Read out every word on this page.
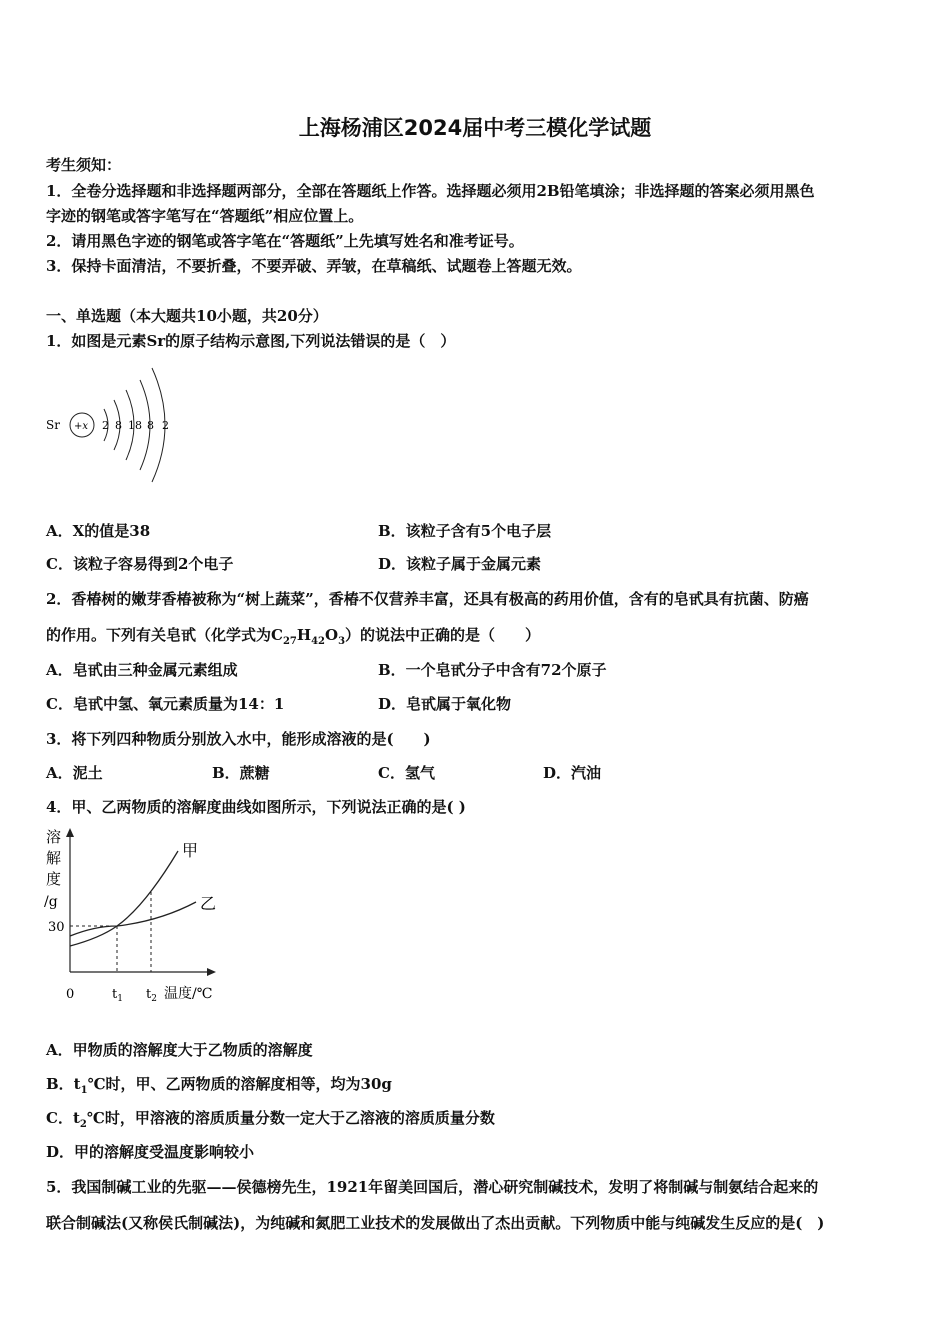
上海杨浦区2024届中考三模化学试题
考生须知：
1．全卷分选择题和非选择题两部分，全部在答题纸上作答。选择题必须用2B铅笔填涂；非选择题的答案必须用黑色
字迹的钢笔或答字笔写在“答题纸”相应位置上。
2．请用黑色字迹的钢笔或答字笔在“答题纸”上先填写姓名和准考证号。
3．保持卡面清洁，不要折叠，不要弄破、弄皱，在草稿纸、试题卷上答题无效。
一、单选题（本大题共10小题，共20分）
1．如图是元素Sr的原子结构示意图,下列说法错误的是（　）
Sr +x 2 8 18 8 2
A．X的值是38	B．该粒子含有5个电子层
C．该粒子容易得到2个电子	D．该粒子属于金属元素
2．香椿树的嫩芽香椿被称为“树上蔬菜”，香椿不仅营养丰富，还具有极高的药用价值，含有的皂甙具有抗菌、防癌
的作用。下列有关皂甙（化学式为$C_{27}H_{42}O_3$）的说法中正确的是（　　）
A．皂甙由三种金属元素组成	B．一个皂甙分子中含有72个原子
C．皂甙中氢、氧元素质量为14：1	D．皂甙属于氧化物
3．将下列四种物质分别放入水中，能形成溶液的是(　　)
A．泥土	B．蔗糖	C．氢气	D．汽油
4．甲、乙两物质的溶解度曲线如图所示，下列说法正确的是( )
溶
解
度
/g
30
甲
乙
0	$t_1$ $t_2$ 温度/℃
A．甲物质的溶解度大于乙物质的溶解度
B．$t_1℃$时，甲、乙两物质的溶解度相等，均为30g
C．$t_2℃$时，甲溶液的溶质质量分数一定大于乙溶液的溶质质量分数
D．甲的溶解度受温度影响较小
5．我国制碱工业的先驱——侯德榜先生，1921年留美回国后，潜心研究制碱技术，发明了将制碱与制氨结合起来的
联合制碱法(又称侯氏制碱法)，为纯碱和氮肥工业技术的发展做出了杰出贡献。下列物质中能与纯碱发生反应的是(　)
